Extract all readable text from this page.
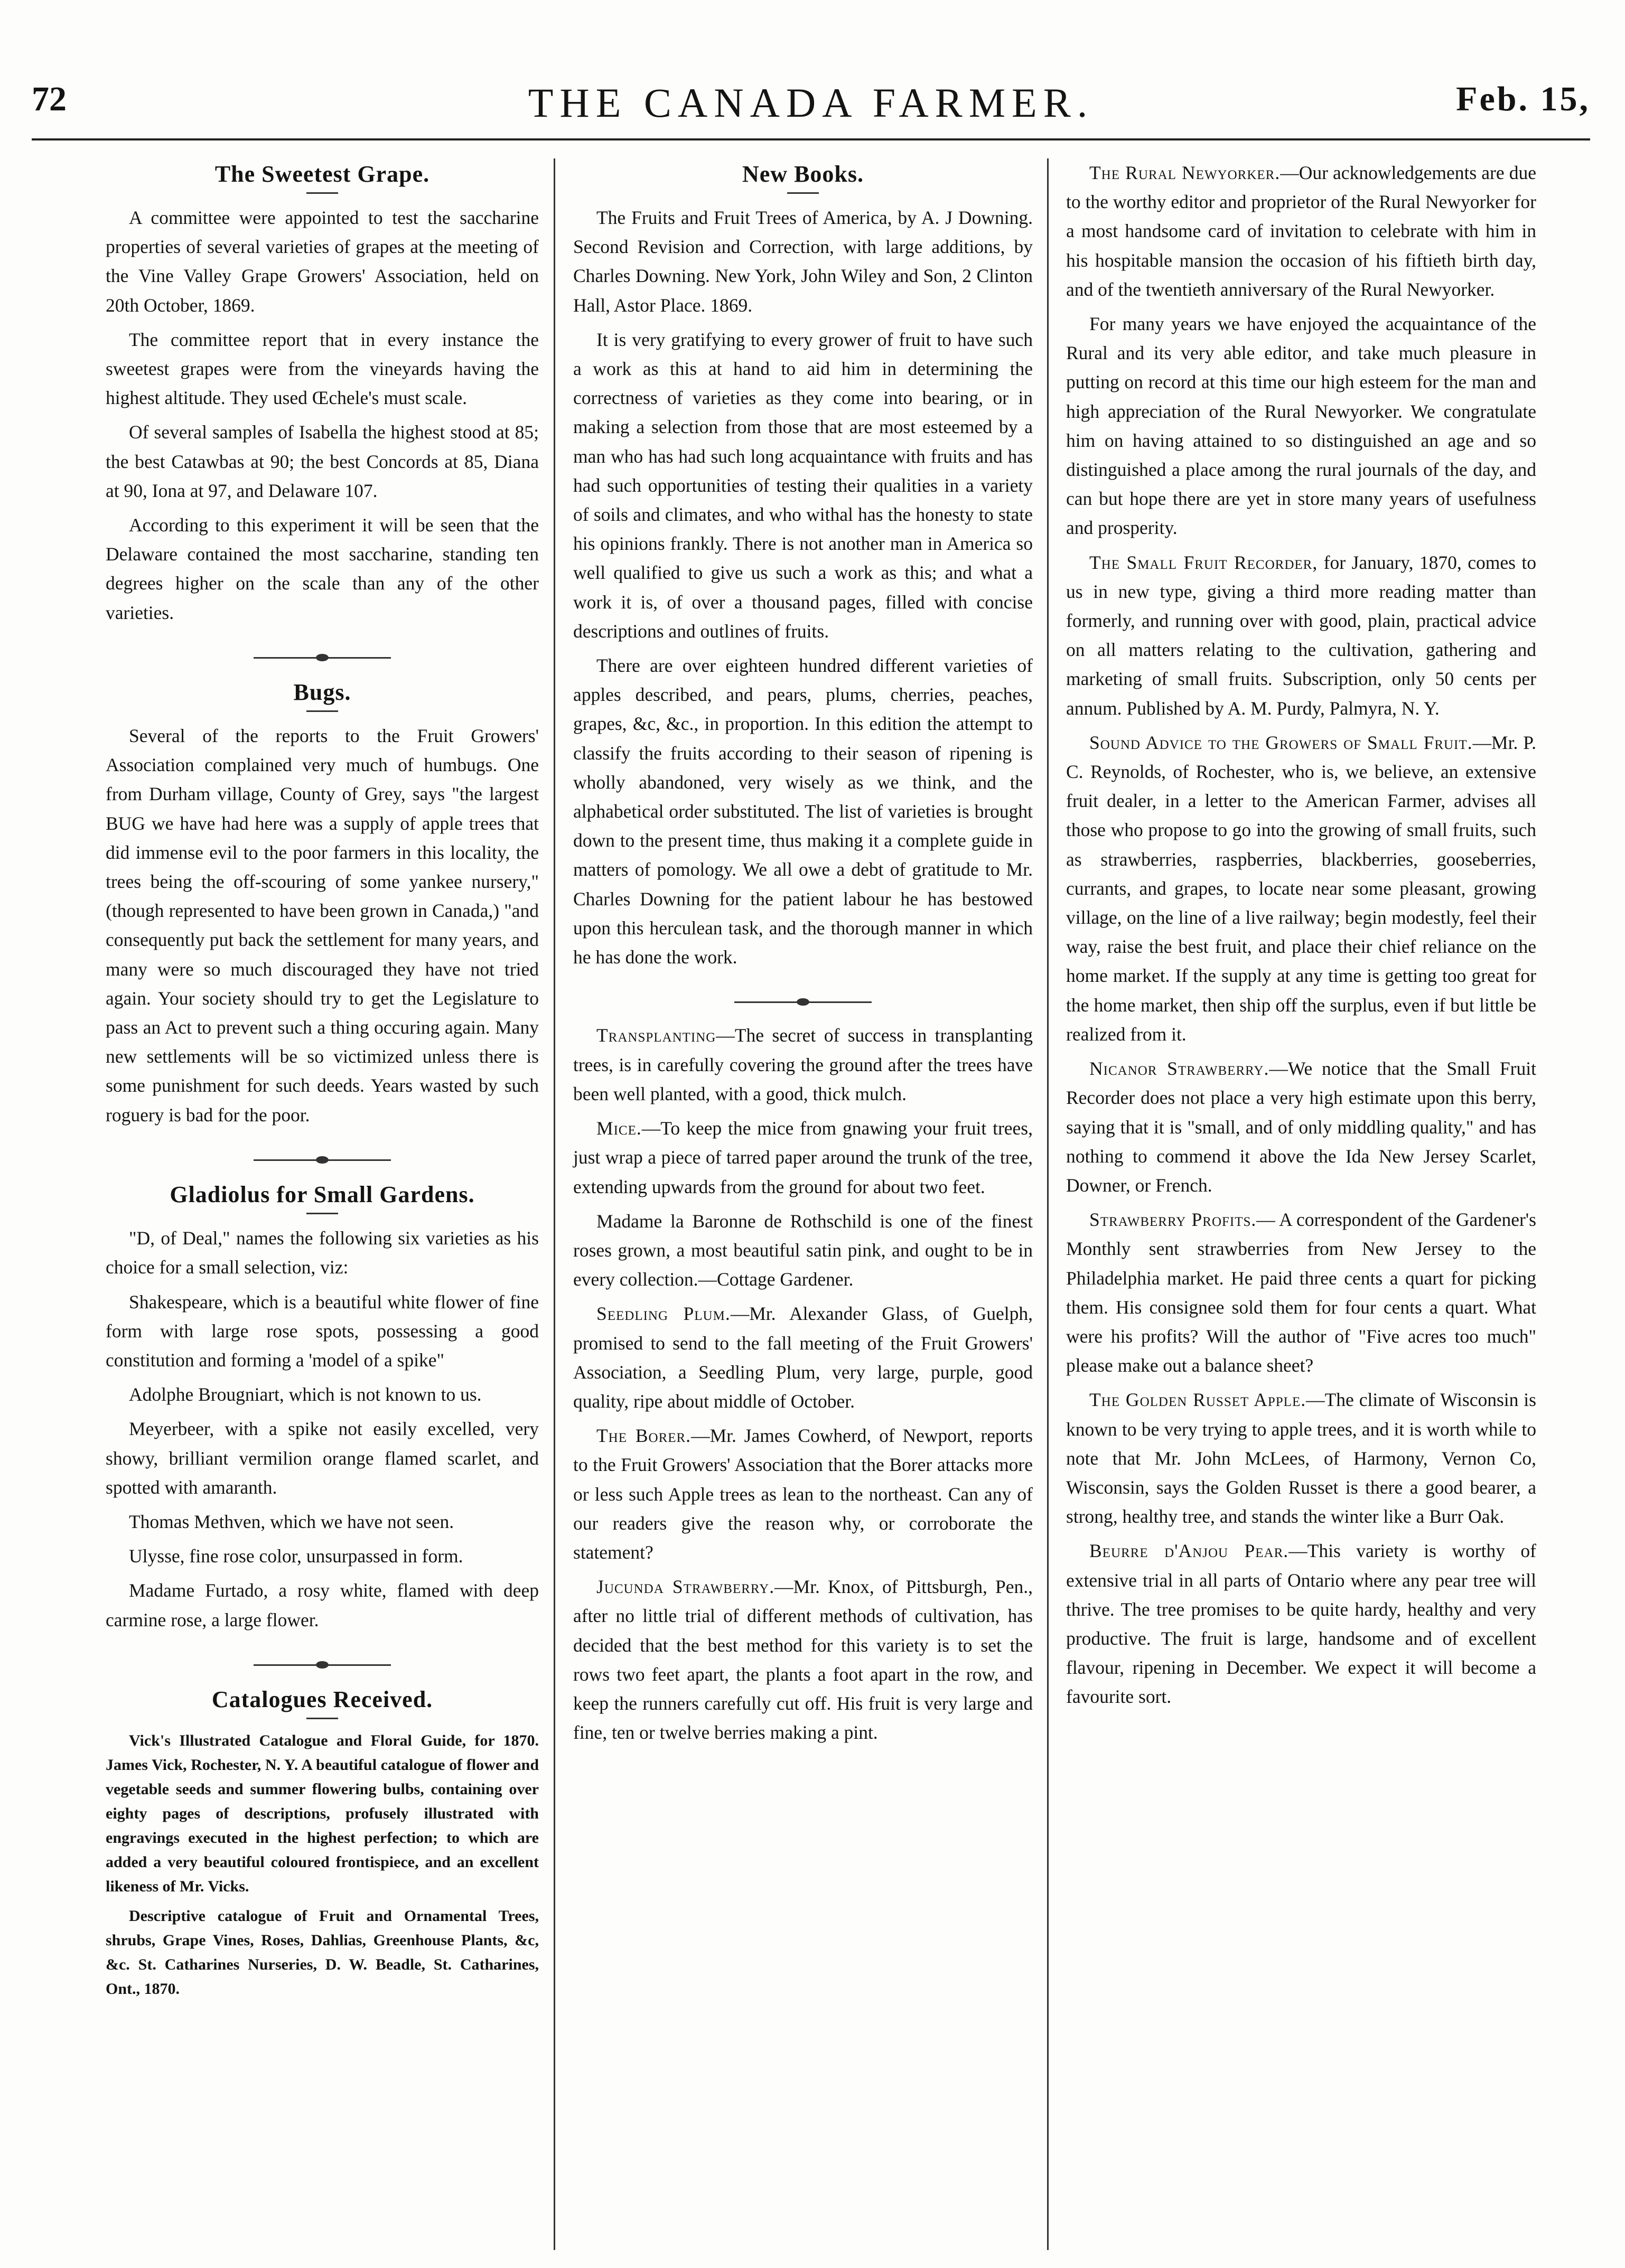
THE CANADA FARMER.
72	Feb. 15,
The Sweetest Grape.

A committee were appointed to test the saccharine properties of several varieties of grapes at the meeting of the Vine Valley Grape Growers' Association, held on 20th October, 1869.

The committee report that in every instance the sweetest grapes were from the vineyards having the highest altitude. They used Œchele's must scale.

Of several samples of Isabella the highest stood at 85; the best Catawbas at 90; the best Concords at 85, Diana at 90, Iona at 97, and Delaware 107.

According to this experiment it will be seen that the Delaware contained the most saccharine, standing ten degrees higher on the scale than any of the other varieties.

Bugs.

Several of the reports to the Fruit Growers' Association complained very much of humbugs. One from Durham village, County of Grey, says "the largest BUG we have had here was a supply of apple trees that did immense evil to the poor farmers in this locality, the trees being the off-scouring of some yankee nursery," (though represented to have been grown in Canada,) "and consequently put back the settlement for many years, and many were so much discouraged they have not tried again. Your society should try to get the Legislature to pass an Act to prevent such a thing occuring again. Many new settlements will be so victimized unless there is some punishment for such deeds. Years wasted by such roguery is bad for the poor.

Gladiolus for Small Gardens.

"D, of Deal," names the following six varieties as his choice for a small selection, viz:

Shakespeare, which is a beautiful white flower of fine form with large rose spots, possessing a good constitution and forming a 'model of a spike"

Adolphe Brougniart, which is not known to us.

Meyerbeer, with a spike not easily excelled, very showy, brilliant vermilion orange flamed scarlet, and spotted with amaranth.

Thomas Methven, which we have not seen.

Ulysse, fine rose color, unsurpassed in form.

Madame Furtado, a rosy white, flamed with deep carmine rose, a large flower.

Catalogues Received.

Vick's Illustrated Catalogue and Floral Guide, for 1870. James Vick, Rochester, N. Y. A beautiful catalogue of flower and vegetable seeds and summer flowering bulbs, containing over eighty pages of descriptions, profusely illustrated with engravings executed in the highest perfection; to which are added a very beautiful coloured frontispiece, and an excellent likeness of Mr. Vicks.

Descriptive catalogue of Fruit and Ornamental Trees, shrubs, Grape Vines, Roses, Dahlias, Greenhouse Plants, &c, &c. St. Catharines Nurseries, D. W. Beadle, St. Catharines, Ont., 1870.

New Books.

The Fruits and Fruit Trees of America, by A. J Downing. Second Revision and Correction, with large additions, by Charles Downing. New York, John Wiley and Son, 2 Clinton Hall, Astor Place. 1869.

It is very gratifying to every grower of fruit to have such a work as this at hand to aid him in determining the correctness of varieties as they come into bearing, or in making a selection from those that are most esteemed by a man who has had such long acquaintance with fruits and has had such opportunities of testing their qualities in a variety of soils and climates, and who withal has the honesty to state his opinions frankly. There is not another man in America so well qualified to give us such a work as this; and what a work it is, of over a thousand pages, filled with concise descriptions and outlines of fruits.

There are over eighteen hundred different varieties of apples described, and pears, plums, cherries, peaches, grapes, &c, &c., in proportion. In this edition the attempt to classify the fruits according to their season of ripening is wholly abandoned, very wisely as we think, and the alphabetical order substituted. The list of varieties is brought down to the present time, thus making it a complete guide in matters of pomology. We all owe a debt of gratitude to Mr. Charles Downing for the patient labour he has bestowed upon this herculean task, and the thorough manner in which he has done the work.

Transplanting—The secret of success in transplanting trees, is in carefully covering the ground after the trees have been well planted, with a good, thick mulch.

Mice.—To keep the mice from gnawing your fruit trees, just wrap a piece of tarred paper around the trunk of the tree, extending upwards from the ground for about two feet.

Madame la Baronne de Rothschild is one of the finest roses grown, a most beautiful satin pink, and ought to be in every collection.—Cottage Gardener.

Seedling Plum.—Mr. Alexander Glass, of Guelph, promised to send to the fall meeting of the Fruit Growers' Association, a Seedling Plum, very large, purple, good quality, ripe about middle of October.

The Borer.—Mr. James Cowherd, of Newport, reports to the Fruit Growers' Association that the Borer attacks more or less such Apple trees as lean to the northeast. Can any of our readers give the reason why, or corroborate the statement?

Jucunda Strawberry.—Mr. Knox, of Pittsburgh, Pen., after no little trial of different methods of cultivation, has decided that the best method for this variety is to set the rows two feet apart, the plants a foot apart in the row, and keep the runners carefully cut off. His fruit is very large and fine, ten or twelve berries making a pint.

The Rural Newyorker.—Our acknowledgements are due to the worthy editor and proprietor of the Rural Newyorker for a most handsome card of invitation to celebrate with him in his hospitable mansion the occasion of his fiftieth birth day, and of the twentieth anniversary of the Rural Newyorker.

For many years we have enjoyed the acquaintance of the Rural and its very able editor, and take much pleasure in putting on record at this time our high esteem for the man and high appreciation of the Rural Newyorker. We congratulate him on having attained to so distinguished an age and so distinguished a place among the rural journals of the day, and can but hope there are yet in store many years of usefulness and prosperity.

The Small Fruit Recorder, for January, 1870, comes to us in new type, giving a third more reading matter than formerly, and running over with good, plain, practical advice on all matters relating to the cultivation, gathering and marketing of small fruits. Subscription, only 50 cents per annum. Published by A. M. Purdy, Palmyra, N. Y.

Sound Advice to the Growers of Small Fruit.—Mr. P. C. Reynolds, of Rochester, who is, we believe, an extensive fruit dealer, in a letter to the American Farmer, advises all those who propose to go into the growing of small fruits, such as strawberries, raspberries, blackberries, gooseberries, currants, and grapes, to locate near some pleasant, growing village, on the line of a live railway; begin modestly, feel their way, raise the best fruit, and place their chief reliance on the home market. If the supply at any time is getting too great for the home market, then ship off the surplus, even if but little be realized from it.

Nicanor Strawberry.—We notice that the Small Fruit Recorder does not place a very high estimate upon this berry, saying that it is "small, and of only middling quality," and has nothing to commend it above the Ida New Jersey Scarlet, Downer, or French.

Strawberry Profits.— A correspondent of the Gardener's Monthly sent strawberries from New Jersey to the Philadelphia market. He paid three cents a quart for picking them. His consignee sold them for four cents a quart. What were his profits? Will the author of "Five acres too much" please make out a balance sheet?

The Golden Russet Apple.—The climate of Wisconsin is known to be very trying to apple trees, and it is worth while to note that Mr. John McLees, of Harmony, Vernon Co, Wisconsin, says the Golden Russet is there a good bearer, a strong, healthy tree, and stands the winter like a Burr Oak.

Beurre d'Anjou Pear.—This variety is worthy of extensive trial in all parts of Ontario where any pear tree will thrive. The tree promises to be quite hardy, healthy and very productive. The fruit is large, handsome and of excellent flavour, ripening in December. We expect it will become a favourite sort.
